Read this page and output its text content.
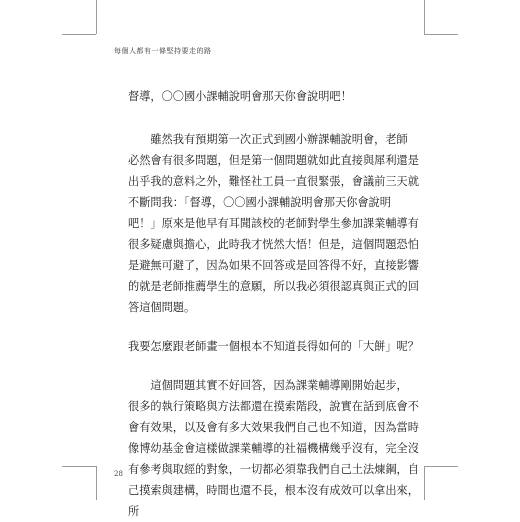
每個人都有一條堅持要走的路

督導，〇〇國小課輔說明會那天你會說明吧！

　　雖然我有預期第一次正式到國小辦課輔說明會，老師

必然會有很多問題，但是第一個問題就如此直接與犀利還是

出乎我的意料之外，難怪社工員一直很緊張，會議前三天就

不斷問我：「督導，〇〇國小課輔說明會那天你會說明

吧！」原來是他早有耳聞該校的老師對學生參加課業輔導有

很多疑慮與擔心，此時我才恍然大悟！但是，這個問題恐怕

是避無可避了，因為如果不回答或是回答得不好，直接影響

的就是老師推薦學生的意願，所以我必須很認真與正式的回

答這個問題。

我要怎麼跟老師畫一個根本不知道長得如何的「大餅」呢？

　　這個問題其實不好回答，因為課業輔導剛開始起步，

很多的執行策略與方法都還在摸索階段，說實在話到底會不

會有效果，以及會有多大效果我們自己也不知道，因為當時

像博幼基金會這樣做課業輔導的社福機構幾乎沒有，完全沒

有參考與取經的對象，一切都必須靠我們自己土法煉鋼，自

己摸索與建構，時間也還不長，根本沒有成效可以拿出來，

所

28
